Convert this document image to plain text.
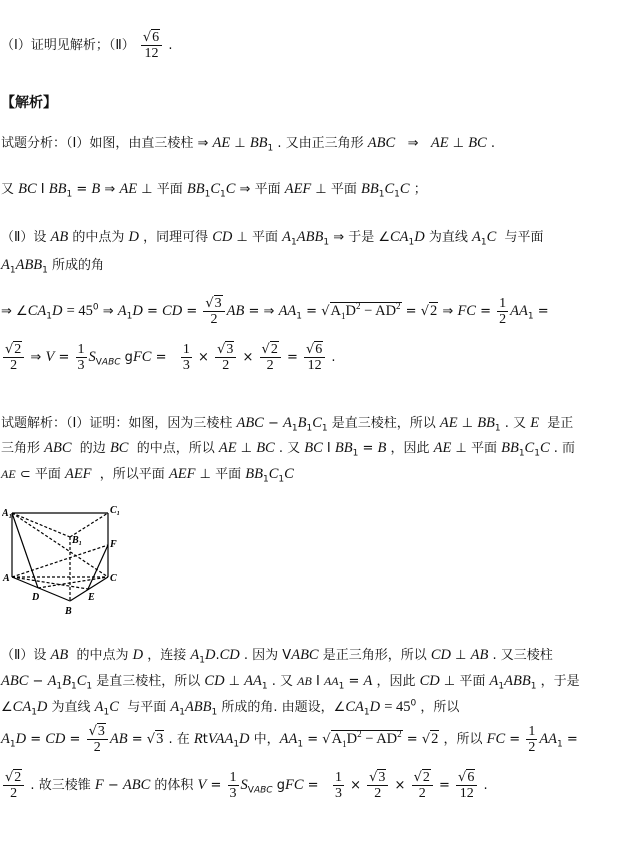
（Ⅰ）证明见解析；（Ⅱ） $\frac{√6}{12}$ .
【解析】
试题分析：（Ⅰ）如图，由直三棱柱 ⇒ AE ⊥ $BB_1$ . 又由正三角形 ABC   ⇒   AE ⊥ BC .
又 BC I $BB_1 = B$ ⇒ AE ⊥ 平面 $BB_1C_1C$ ⇒ 平面 AEF ⊥ 平面 $BB_1C_1C$ ；
（Ⅱ）设 AB 的中点为 D ，同理可得 CD ⊥ 平面 $A_1ABB_1$ ⇒ 于是 $\angle CA_1D$ 为直线 $A_1C$  与平面
$A_1ABB_1$ 所成的角
⇒ $\angle CA_1D = 45^0$ ⇒ $A_1D$ = CD = $\frac{√3}{2}$ AB = ⇒ $AA_1 = √A_1D^2 - AD^2 = √2$ ⇒ FC = $\frac{1}{2} AA_1$ =
$\frac{√2}{2}$ ⇒ $V = \frac{1}{3} S_{VABC}$ gFC = $\frac{1}{3} \times \frac{√3}{2} \times \frac{√2}{2} = \frac{√6}{12}$ .
试题解析：（Ⅰ）证明：如图，因为三棱柱 ABC − $A_1B_1C_1$ 是直三棱柱，所以 AE ⊥ $BB_1$ . 又 E  是正
三角形 ABC  的边 BC  的中点，所以 AE ⊥ BC . 又 BC I $BB_1 = B$ ，因此 AE ⊥ 平面 $BB_1C_1C$ . 而
AE ⊂ 平面 AEF  ，所以平面 AEF ⊥ 平面 $BB_1C_1C$
A₁	C₁
B₁	F
A	C
D	E
B
（Ⅱ）设 AB  的中点为 D ，连接 $A_1D.CD$ . 因为 VABC 是正三角形，所以 CD ⊥ AB . 又三棱柱
ABC − $A_1B_1C_1$ 是直三棱柱，所以 CD ⊥ $AA_1$ . 又 AB I $AA_1 = A$ ，因此 CD ⊥ 平面 $A_1ABB_1$ ，于是
$\angle CA_1D$ 为直线 $A_1C$  与平面 $A_1ABB_1$ 所成的角. 由题设，$\angle CA_1D = 45^0$ ，所以
$A_1D$ = CD = $\frac{√3}{2}$ AB = √3 . 在 RtVAA$_1$D 中，$AA_1 = √A_1D^2 - AD^2 = √2$ ，所以 FC = $\frac{1}{2} AA_1$ =
$\frac{√2}{2}$ . 故三棱锥 F − ABC 的体积 $V = \frac{1}{3} S_{VABC}$ gFC = $\frac{1}{3} \times \frac{√3}{2} \times \frac{√2}{2} = \frac{√6}{12}$ .
